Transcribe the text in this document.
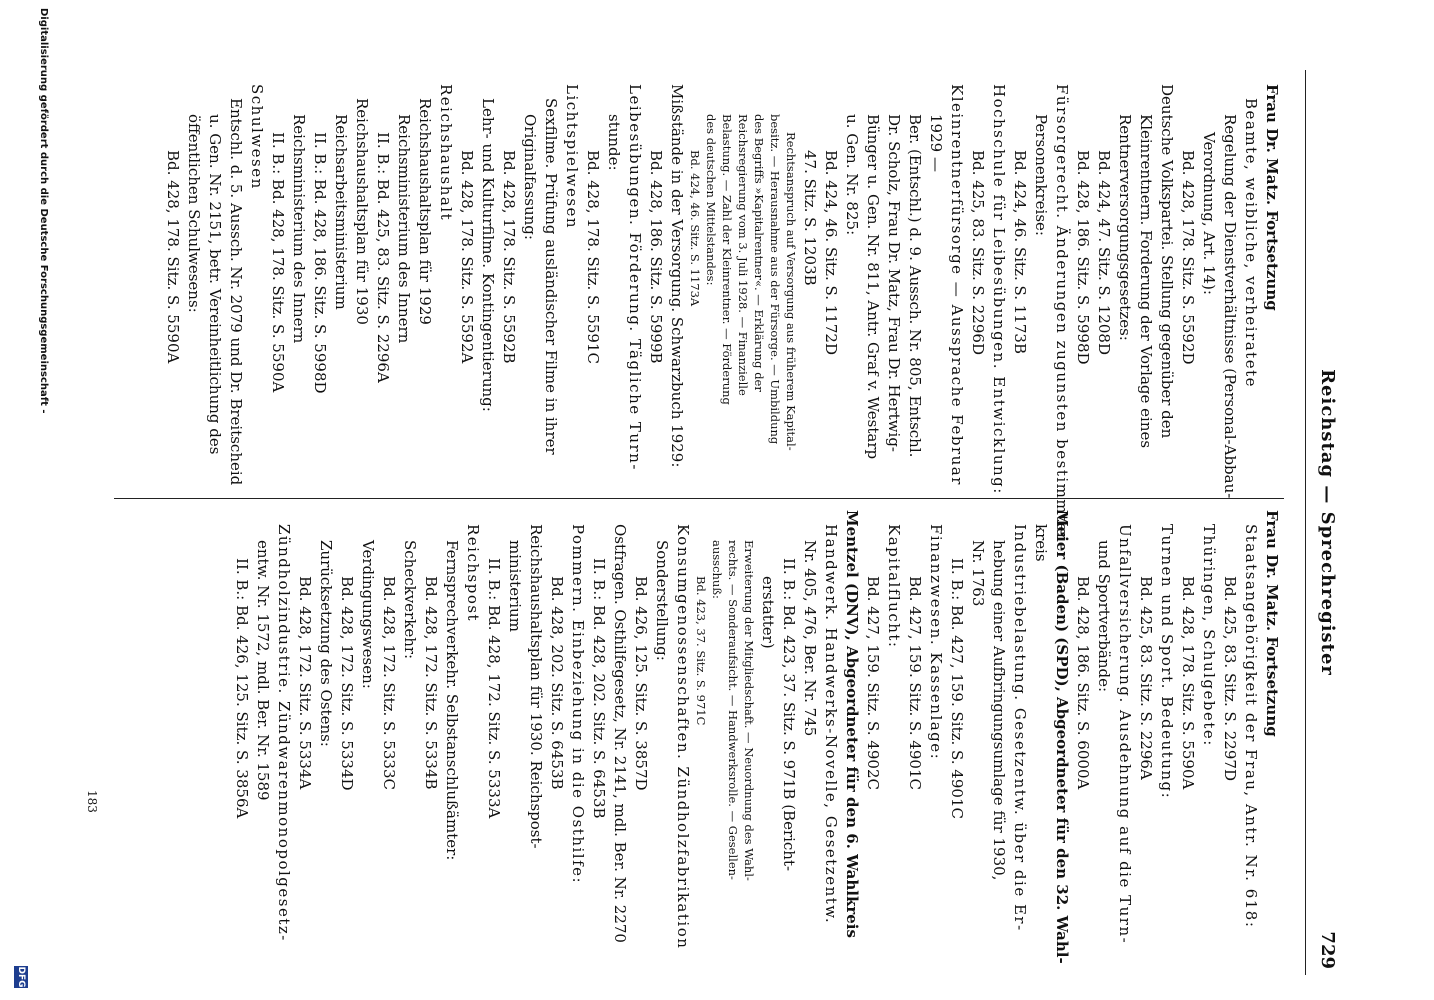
Reichstag — Sprechregister
729
Frau Dr. Matz. Fortsetzung
Beamte, weibliche, verheiratete
Regelung der Dienstverhältnisse (Personal-Abbau-
Verordnung, Art. 14):
Bd. 428, 178. Sitz. S. 5592D
Deutsche Volkspartei. Stellung gegenüber den
Kleinrentnern. Forderung der Vorlage eines
Rentnerversorgungsgesetzes:
Bd. 424, 47. Sitz. S. 1208D
Bd. 428, 186. Sitz. S. 5998D
Fürsorgerecht. Änderungen zugunsten bestimmter
Personenkreise:
Bd. 424, 46. Sitz. S. 1173B
Hochschule für Leibesübungen. Entwicklung:
Bd. 425, 83. Sitz. S. 2296D
Kleinrentnerfürsorge — Aussprache Februar
1929 —
Ber. (Entschl.) d. 9. Aussch. Nr. 805, Entschl.
Dr. Scholz, Frau Dr. Matz, Frau Dr. Hertwig-
Bünger u. Gen. Nr. 811, Antr. Graf v. Westarp
u. Gen. Nr. 825:
Bd. 424, 46. Sitz. S. 1172D
47. Sitz. S. 1203B
Rechtsanspruch auf Versorgung aus früherem Kapital-
besitz. — Herausnahme aus der Fürsorge. — Umbildung
des Begriffs »Kapitalrentner«. — Erklärung der
Reichsregierung vom 3. Juli 1928. — Finanzielle
Belastung. — Zahl der Kleinrentner. — Förderung
des deutschen Mittelstandes:
Bd. 424, 46. Sitz. S. 1173A
Mißstände in der Versorgung. Schwarzbuch 1929:
Bd. 428, 186. Sitz. S. 5999B
Leibesübungen. Förderung. Tägliche Turn-
stunde:
Bd. 428, 178. Sitz. S. 5591C
Lichtspielwesen
Sexfilme. Prüfung ausländischer Filme in ihrer
Originalfassung:
Bd. 428, 178. Sitz. S. 5592B
Lehr- und Kulturfilme. Kontingentierung:
Bd. 428, 178. Sitz. S. 5592A
Reichshaushalt
Reichshaushaltsplan für 1929
Reichsministerium des Innern
II. B.: Bd. 425, 83. Sitz. S. 2296A
Reichshaushaltsplan für 1930
Reichsarbeitsministerium
II. B.: Bd. 428, 186. Sitz. S. 5998D
Reichsministerium des Innern
II. B.: Bd. 428, 178. Sitz. S. 5590A
Schulwesen
Entschl. d. 5. Aussch. Nr. 2079 und Dr. Breitscheid
u. Gen. Nr. 2151, betr. Vereinheitlichung des
öffentlichen Schulwesens:
Bd. 428, 178. Sitz. S. 5590A
Frau Dr. Matz. Fortsetzung
Staatsangehörigkeit der Frau, Antr. Nr. 618:
Bd. 425, 83. Sitz. S. 2297D
Thüringen, Schulgebete:
Bd. 428, 178. Sitz. S. 5590A
Turnen und Sport. Bedeutung:
Bd. 425, 83. Sitz. S. 2296A
Unfallversicherung. Ausdehnung auf die Turn-
und Sportverbände:
Bd. 428, 186. Sitz. S. 6000A
Meier (Baden) (SPD), Abgeordneter für den 32. Wahl-
kreis
Industriebelastung. Gesetzentw. über die Er-
hebung einer Aufbringungsumlage für 1930,
Nr. 1763
II. B.: Bd. 427, 159. Sitz. S. 4901C
Finanzwesen. Kassenlage:
Bd. 427, 159. Sitz. S. 4901C
Kapitalflucht:
Bd. 427, 159. Sitz. S. 4902C
Mentzel (DNV), Abgeordneter für den 6. Wahlkreis
Handwerk. Handwerks-Novelle, Gesetzentw.
Nr. 405, 476, Ber. Nr. 745
II. B.: Bd. 423, 37. Sitz. S. 971B (Bericht-
erstatter)
Erweiterung der Mitgliedschaft. — Neuordnung des Wahl-
rechts. — Sonderaufsicht. — Handwerksrolle. — Gesellen-
ausschuß:
Bd. 423, 37. Sitz. S. 971C
Konsumgenossenschaften. Zündholzfabrikation
Sonderstellung:
Bd. 426, 125. Sitz. S. 3857D
Ostfragen. Osthilfegesetz, Nr. 2141, mdl. Ber. Nr. 2270
II. B.: Bd. 428, 202. Sitz. S. 6453B
Pommern. Einbeziehung in die Osthilfe:
Bd. 428, 202. Sitz. S. 6453B
Reichshaushaltsplan für 1930. Reichspost-
ministerium
II. B.: Bd. 428, 172. Sitz. S. 5333A
Reichspost
Fernsprechverkehr. Selbstanschlußämter:
Bd. 428, 172. Sitz. S. 5334B
Scheckverkehr:
Bd. 428, 172. Sitz. S. 5333C
Verdingungswesen:
Bd. 428, 172. Sitz. S. 5334D
Zurücksetzung des Ostens:
Bd. 428, 172. Sitz. S. 5334A
Zündholzindustrie. Zündwarenmonopolgesetz-
entw. Nr. 1572, mdl. Ber. Nr. 1589
II. B.: Bd. 426, 125. Sitz. S. 3856A
183
Digitalisierung gefördert durch die Deutsche Forschungsgemeinschaft -
DFG
